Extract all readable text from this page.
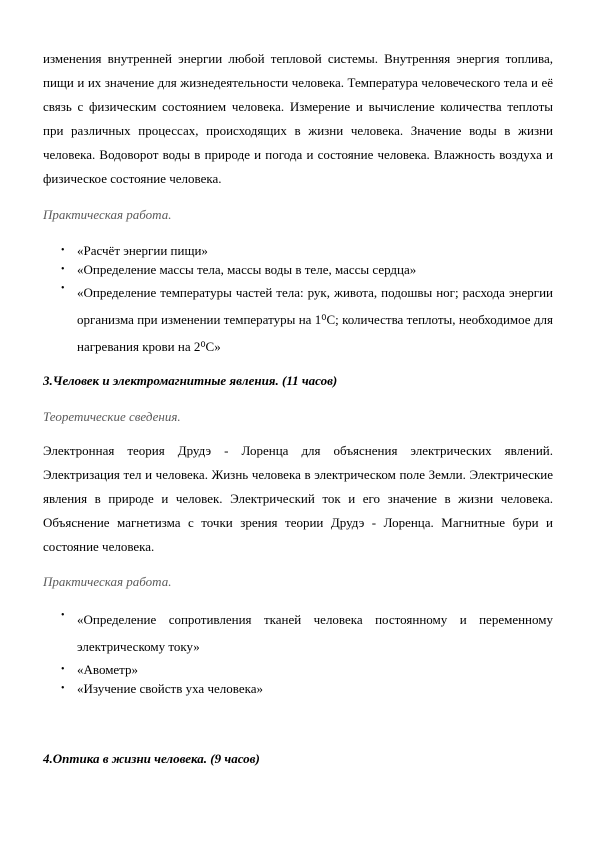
изменения внутренней энергии любой тепловой системы. Внутренняя энергия топлива, пищи и их значение для жизнедеятельности человека. Температура человеческого тела и её связь с физическим состоянием человека. Измерение и вычисление количества теплоты при различных процессах, происходящих в жизни человека. Значение воды в жизни человека. Водоворот воды в природе и погода и состояние человека. Влажность воздуха и физическое состояние человека.

Практическая работа.
• «Расчёт энергии пищи»
• «Определение массы тела, массы воды в теле, массы сердца»
• «Определение температуры частей тела: рук, живота, подошвы ног; расхода энергии организма при изменении температуры на 1⁰С; количества теплоты, необходимое для нагревания крови на 2⁰С»
3.Человек и электромагнитные явления. (11 часов)
Теоретические сведения.

Электронная теория Друдэ - Лоренца для объяснения электрических явлений. Электризация тел и человека. Жизнь человека в электрическом поле Земли. Электрические явления в природе и человек. Электрический ток и его значение в жизни человека. Объяснение магнетизма с точки зрения теории Друдэ - Лоренца. Магнитные бури и состояние человека.

Практическая работа.
• «Определение сопротивления тканей человека постоянному и переменному электрическому току»
• «Авометр»
• «Изучение свойств уха человека»
4.Оптика в жизни человека. (9 часов)
